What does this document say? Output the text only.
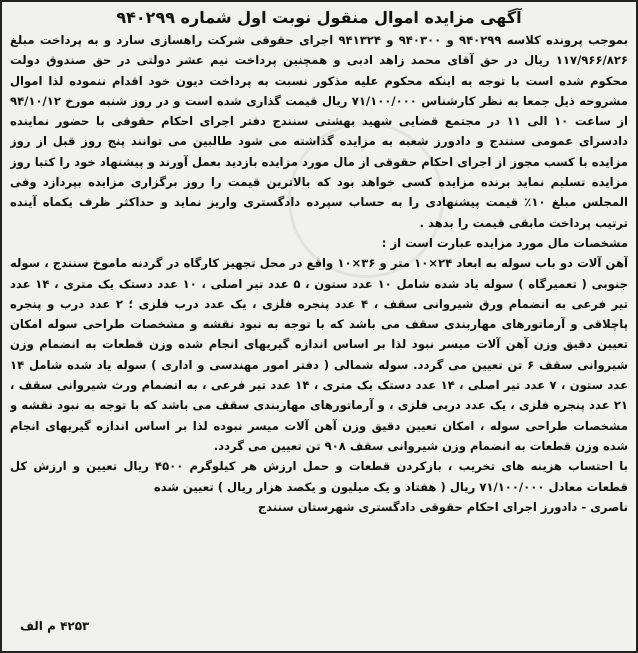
آگهی مزایده اموال منقول نوبت اول شماره ۹۴۰۲۹۹

بموجب پرونده کلاسه ۹۴۰۲۹۹ و ۹۴۰۳۰۰ و ۹۴۱۳۲۴ اجرای حقوقی شرکت راهسازی سارد و به پرداخت مبلغ ۱۱۷/۹۶۶/۸۲۶ ریال در حق آقای محمد زاهد ادبی و همچنین پرداخت نیم عشر دولتی در حق صندوق دولت محکوم شده است با توجه به اینکه محکوم علیه مذکور نسبت به پرداخت دیون خود اقدام ننموده لذا اموال مشروحه ذیل جمعا به نظر کارشناس ۷۱/۱۰۰/۰۰۰ ریال قیمت گذاری شده است و در روز شنبه مورخ ۹۴/۱۰/۱۲ از ساعت ۱۰ الی ۱۱ در مجتمع قضایی شهید بهشتی سنندج دفتر اجرای احکام حقوقی با حضور نماینده دادسرای عمومی سنندج و دادورز شعبه به مزایده گذاشته می شود طالبین می توانند پنج روز قبل از روز مزایده با کسب مجوز از اجرای احکام حقوقی از مال مورد مزایده بازدید بعمل آورند و پیشنهاد خود را کتبا روز مزایده تسلیم نماید برنده مزایده کسی خواهد بود که بالاترین قیمت را روز برگزاری مزایده بپردازد وفی المجلس مبلغ ۱۰٪ قیمت پیشنهادی را به حساب سپرده دادگستری واریز نماید و حداکثر ظرف یکماه آینده ترتیب پرداخت مابقی قیمت را بدهد .

مشخصات مال مورد مزایده عبارت است از :

آهن آلات دو باب سوله به ابعاد ۲۴×۱۰ متر و ۳۶×۱۰ واقع در محل تجهیز کارگاه در گردنه ماموخ سنندج ، سوله جنوبی ( تعمیرگاه ) سوله یاد شده شامل ۱۰ عدد ستون ، ۵ عدد تیر اصلی ، ۱۰ عدد دستک یک متری ، ۱۴ عدد تیر فرعی به انضمام ورق شیروانی سقف ، ۴ عدد پنجره فلزی ، یک عدد درب فلزی ؛ ۲ عدد درب و پنجره پاچلاقی و آرماتورهای مهاربندی سقف می باشد که با توجه به نبود نقشه و مشخصات طراحی سوله امکان تعیین دقیق وزن آهن آلات میسر نبود لذا بر اساس اندازه گیریهای انجام شده وزن قطعات به انضمام وزن شیروانی سقف ۶ تن تعیین می گردد. سوله شمالی ( دفتر امور مهندسی و اداری ) سوله یاد شده شامل ۱۴ عدد ستون ، ۷ عدد تیر اصلی ، ۱۴ عدد دستک یک متری ، ۱۴ عدد تیر فرعی ، به انضمام ورث شیروانی سقف ، ۲۱ عدد پنجره فلزی ، یک عدد دربی فلزی ، و آرماتورهای مهاربندی سقف می باشد که با توجه به نبود نقشه و مشخصات طراحی سوله ، امکان تعیین دقیق وزن آهن آلات میسر نبوده لذا بر اساس اندازه گیریهای انجام شده وزن قطعات به انضمام وزن شیروانی سقف ۹۰۸ تن تعیین می گردد.

با احتساب هزینه های تخریب ، بازکردن قطعات و حمل ارزش هر کیلوگرم ۴۵۰۰ ریال تعیین و ارزش کل قطعات معادل ۷۱/۱۰۰/۰۰۰ ریال ( هفتاد و یک میلیون و یکصد هزار ریال ) تعیین شده

ناصری - دادورز اجرای احکام حقوقی دادگستری شهرستان سنندج

۴۲۵۳ م الف
